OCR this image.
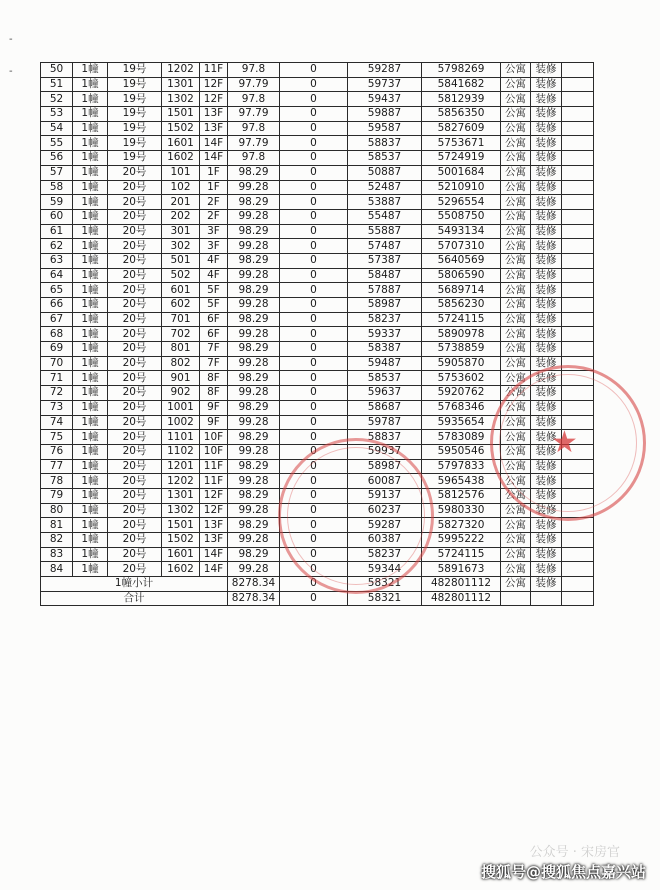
-
-	50	1幢	19号	1202	11F	97.8	0	59287	5798269	公寓	装修	
51	1幢	19号	1301	12F	97.79	0	59737	5841682	公寓	装修	
52	1幢	19号	1302	12F	97.8	0	59437	5812939	公寓	装修	
53	1幢	19号	1501	13F	97.79	0	59887	5856350	公寓	装修	
54	1幢	19号	1502	13F	97.8	0	59587	5827609	公寓	装修	
55	1幢	19号	1601	14F	97.79	0	58837	5753671	公寓	装修	
56	1幢	19号	1602	14F	97.8	0	58537	5724919	公寓	装修	
57	1幢	20号	101	1F	98.29	0	50887	5001684	公寓	装修	
58	1幢	20号	102	1F	99.28	0	52487	5210910	公寓	装修	
59	1幢	20号	201	2F	98.29	0	53887	5296554	公寓	装修	
60	1幢	20号	202	2F	99.28	0	55487	5508750	公寓	装修	
61	1幢	20号	301	3F	98.29	0	55887	5493134	公寓	装修	
62	1幢	20号	302	3F	99.28	0	57487	5707310	公寓	装修	
63	1幢	20号	501	4F	98.29	0	57387	5640569	公寓	装修	
64	1幢	20号	502	4F	99.28	0	58487	5806590	公寓	装修	
65	1幢	20号	601	5F	98.29	0	57887	5689714	公寓	装修	
66	1幢	20号	602	5F	99.28	0	58987	5856230	公寓	装修	
67	1幢	20号	701	6F	98.29	0	58237	5724115	公寓	装修	
68	1幢	20号	702	6F	99.28	0	59337	5890978	公寓	装修	
69	1幢	20号	801	7F	98.29	0	58387	5738859	公寓	装修	
70	1幢	20号	802	7F	99.28	0	59487	5905870	公寓	装修	
71	1幢	20号	901	8F	98.29	0	58537	5753602	公寓	装修	
72	1幢	20号	902	8F	99.28	0	59637	5920762	公寓	装修	
73	1幢	20号	1001	9F	98.29	0	58687	5768346	公寓	装修	
74	1幢	20号	1002	9F	99.28	0	59787	5935654	公寓	装修	
75	1幢	20号	1101	10F	98.29	0	58837	5783089	公寓	装修	
76	1幢	20号	1102	10F	99.28	0	59937	5950546	公寓	装修	
77	1幢	20号	1201	11F	98.29	0	58987	5797833	公寓	装修	
78	1幢	20号	1202	11F	99.28	0	60087	5965438	公寓	装修	
79	1幢	20号	1301	12F	98.29	0	59137	5812576	公寓	装修	
80	1幢	20号	1302	12F	99.28	0	60237	5980330	公寓	装修	
81	1幢	20号	1501	13F	98.29	0	59287	5827320	公寓	装修	
82	1幢	20号	1502	13F	99.28	0	60387	5995222	公寓	装修	
83	1幢	20号	1601	14F	98.29	0	58237	5724115	公寓	装修	
84	1幢	20号	1602	14F	99.28	0	59344	5891673	公寓	装修	
1幢小计					8278.34	0	58321	482801112	公寓	装修	
合计					8278.34	0	58321	482801112			
★
公众号 · 宋房官
搜狐号@搜狐焦点嘉兴站
